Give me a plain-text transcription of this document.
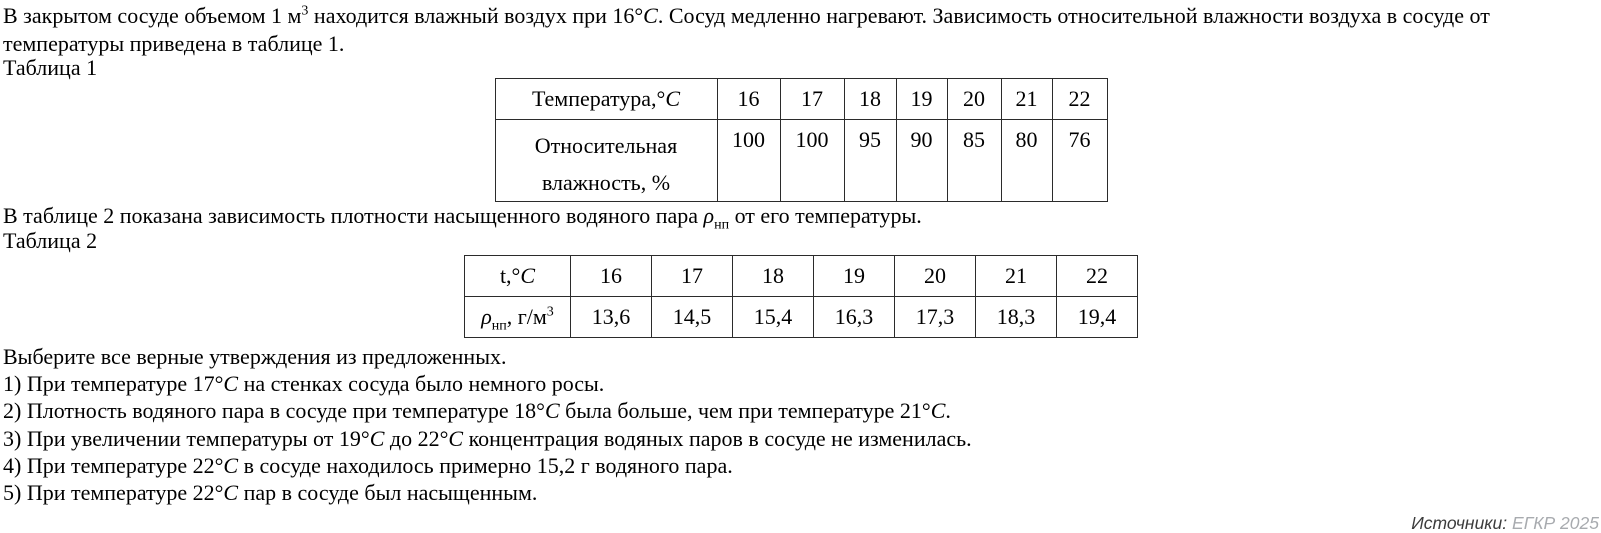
В закрытом сосуде объемом 1 $м^3$ находится влажный воздух при 16°C. Сосуд медленно нагревают. Зависимость относительной влажности воздуха в сосуде от температуры приведена в таблице 1.

Таблица 1

Температура,°C	16	17	18	19	20	21	22

Относительная
влажность, %	100	100	95	90	85	80	76

В таблице 2 показана зависимость плотности насыщенного водяного пара $\rho_{нп}$ от его температуры.

Таблица 2

t,°C	16	17	18	19	20	21	22
$\rho_{нп}$, $г/м^3$	13,6	14,5	15,4	16,3	17,3	18,3	19,4

Выберите все верные утверждения из предложенных.

1) При температуре 17°C на стенках сосуда было немного росы.

2) Плотность водяного пара в сосуде при температуре 18°C была больше, чем при температуре 21°C.

3) При увеличении температуры от 19°C до 22°C концентрация водяных паров в сосуде не изменилась.

4) При температуре 22°C в сосуде находилось примерно 15,2 г водяного пара.

5) При температуре 22°C пар в сосуде был насыщенным.

Источники: ЕГКР 2025
